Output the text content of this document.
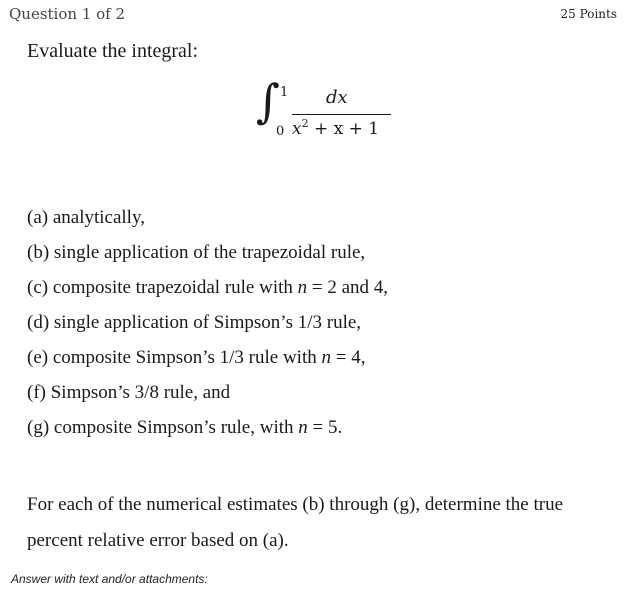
Question 1 of 2	25 Points
Evaluate the integral:
∫ 1
0
dx
$x^2 + x + 1$
(a) analytically,
(b) single application of the trapezoidal rule,
(c) composite trapezoidal rule with n = 2 and 4,
(d) single application of Simpson’s 1/3 rule,
(e) composite Simpson’s 1/3 rule with n = 4,
(f) Simpson’s 3/8 rule, and
(g) composite Simpson’s rule, with n = 5.
For each of the numerical estimates (b) through (g), determine the true percent relative error based on (a).
Answer with text and/or attachments:
